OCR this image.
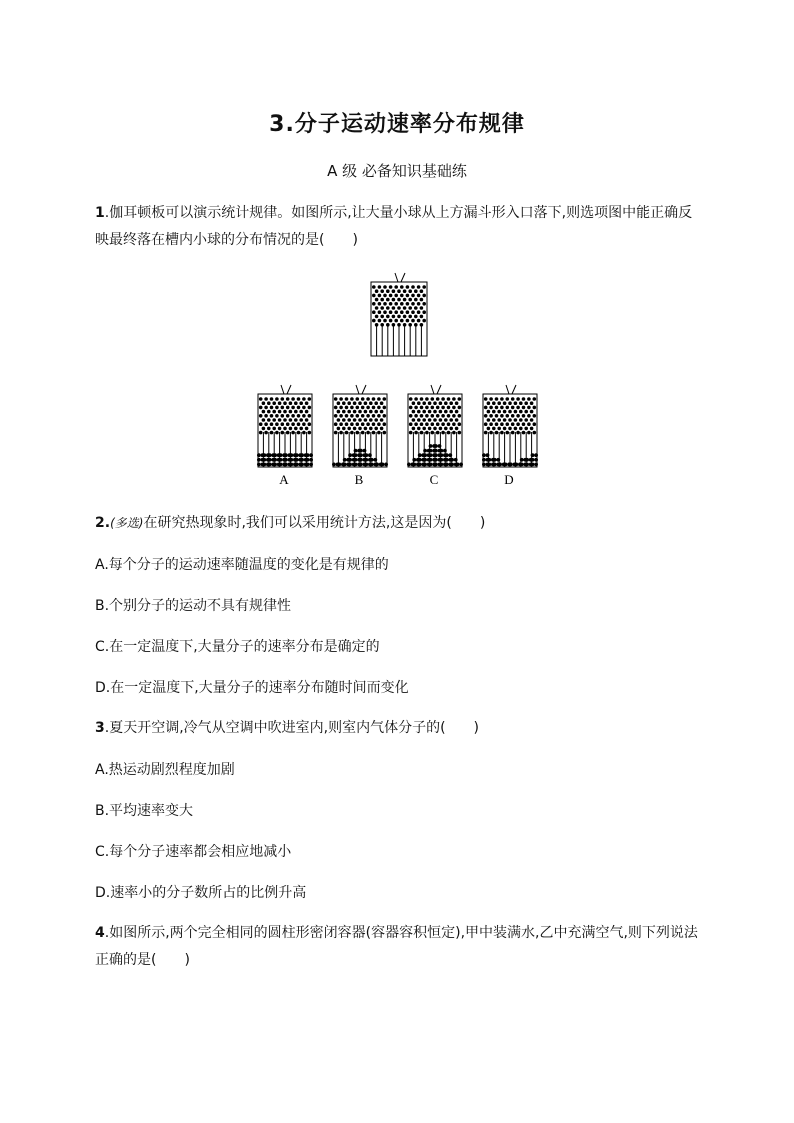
3.分子运动速率分布规律
A 级 必备知识基础练
1.伽耳顿板可以演示统计规律。如图所示,让大量小球从上方漏斗形入口落下,则选项图中能正确反映最终落在槽内小球的分布情况的是(　　)
A	B	C	D
2.(多选)在研究热现象时,我们可以采用统计方法,这是因为(　　)
A.每个分子的运动速率随温度的变化是有规律的
B.个别分子的运动不具有规律性
C.在一定温度下,大量分子的速率分布是确定的
D.在一定温度下,大量分子的速率分布随时间而变化
3.夏天开空调,冷气从空调中吹进室内,则室内气体分子的(　　)
A.热运动剧烈程度加剧
B.平均速率变大
C.每个分子速率都会相应地减小
D.速率小的分子数所占的比例升高
4.如图所示,两个完全相同的圆柱形密闭容器(容器容积恒定),甲中装满水,乙中充满空气,则下列说法正确的是(　　)
